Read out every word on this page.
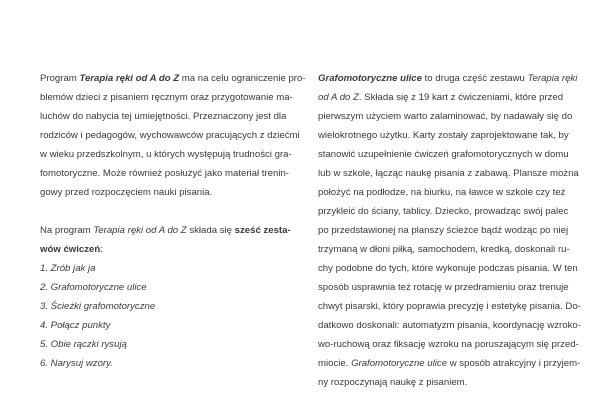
Program Terapia ręki od A do Z ma na celu ograniczenie pro-
blemów dzieci z pisaniem ręcznym oraz przygotowanie ma-
luchów do nabycia tej umiejętności. Przeznaczony jest dla
rodziców i pedagogów, wychowawców pracujących z dziećmi
w wieku przedszkolnym, u których występują trudności gra-
fomotoryczne. Może również posłużyć jako materiał trenin-
gowy przed rozpoczęciem nauki pisania.
Na program Terapia ręki od A do Z składa się sześć zesta-
wów ćwiczeń:
1. Zrób jak ja
2. Grafomotoryczne ulice
3. Ścieżki grafomotoryczne
4. Połącz punkty
5. Obie rączki rysują
6. Narysuj wzory.
Grafomotoryczne ulice to druga część zestawu Terapia ręki
od A do Z. Składa się z 19 kart z ćwiczeniami, które przed
pierwszym użyciem warto zalaminować, by nadawały się do
wielokrotnego użytku. Karty zostały zaprojektowane tak, by
stanowić uzupełnienie ćwiczeń grafomotorycznych w domu
lub w szkole, łącząc naukę pisania z zabawą. Plansze można
położyć na podłodze, na biurku, na ławce w szkole czy też
przykleić do ściany, tablicy. Dziecko, prowadząc swój palec
po przedstawionej na planszy ścieżce bądź wodząc po niej
trzymaną w dłoni piłką, samochodem, kredką, doskonali ru-
chy podobne do tych, które wykonuje podczas pisania. W ten
sposób usprawnia też rotację w przedramieniu oraz trenuje
chwyt pisarski, który poprawia precyzję i estetykę pisania. Do-
datkowo doskonali: automatyzm pisania, koordynację wzroko-
wo-ruchową oraz fiksację wzroku na poruszającym się przed-
miocie. Grafomotoryczne ulice w sposób atrakcyjny i przyjem-
ny rozpoczynają naukę z pisaniem.
